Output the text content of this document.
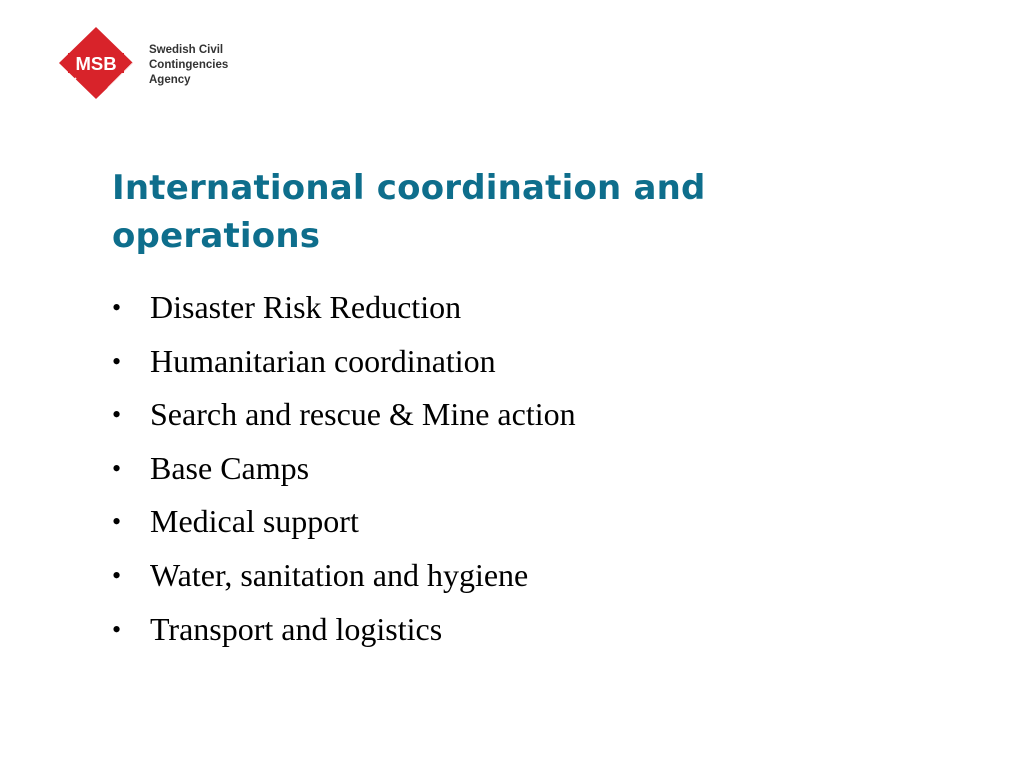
MSB
Swedish Civil
Contingencies
Agency
International coordination and operations
• Disaster Risk Reduction
• Humanitarian coordination
• Search and rescue & Mine action
• Base Camps
• Medical support
• Water, sanitation and hygiene
• Transport and logistics
